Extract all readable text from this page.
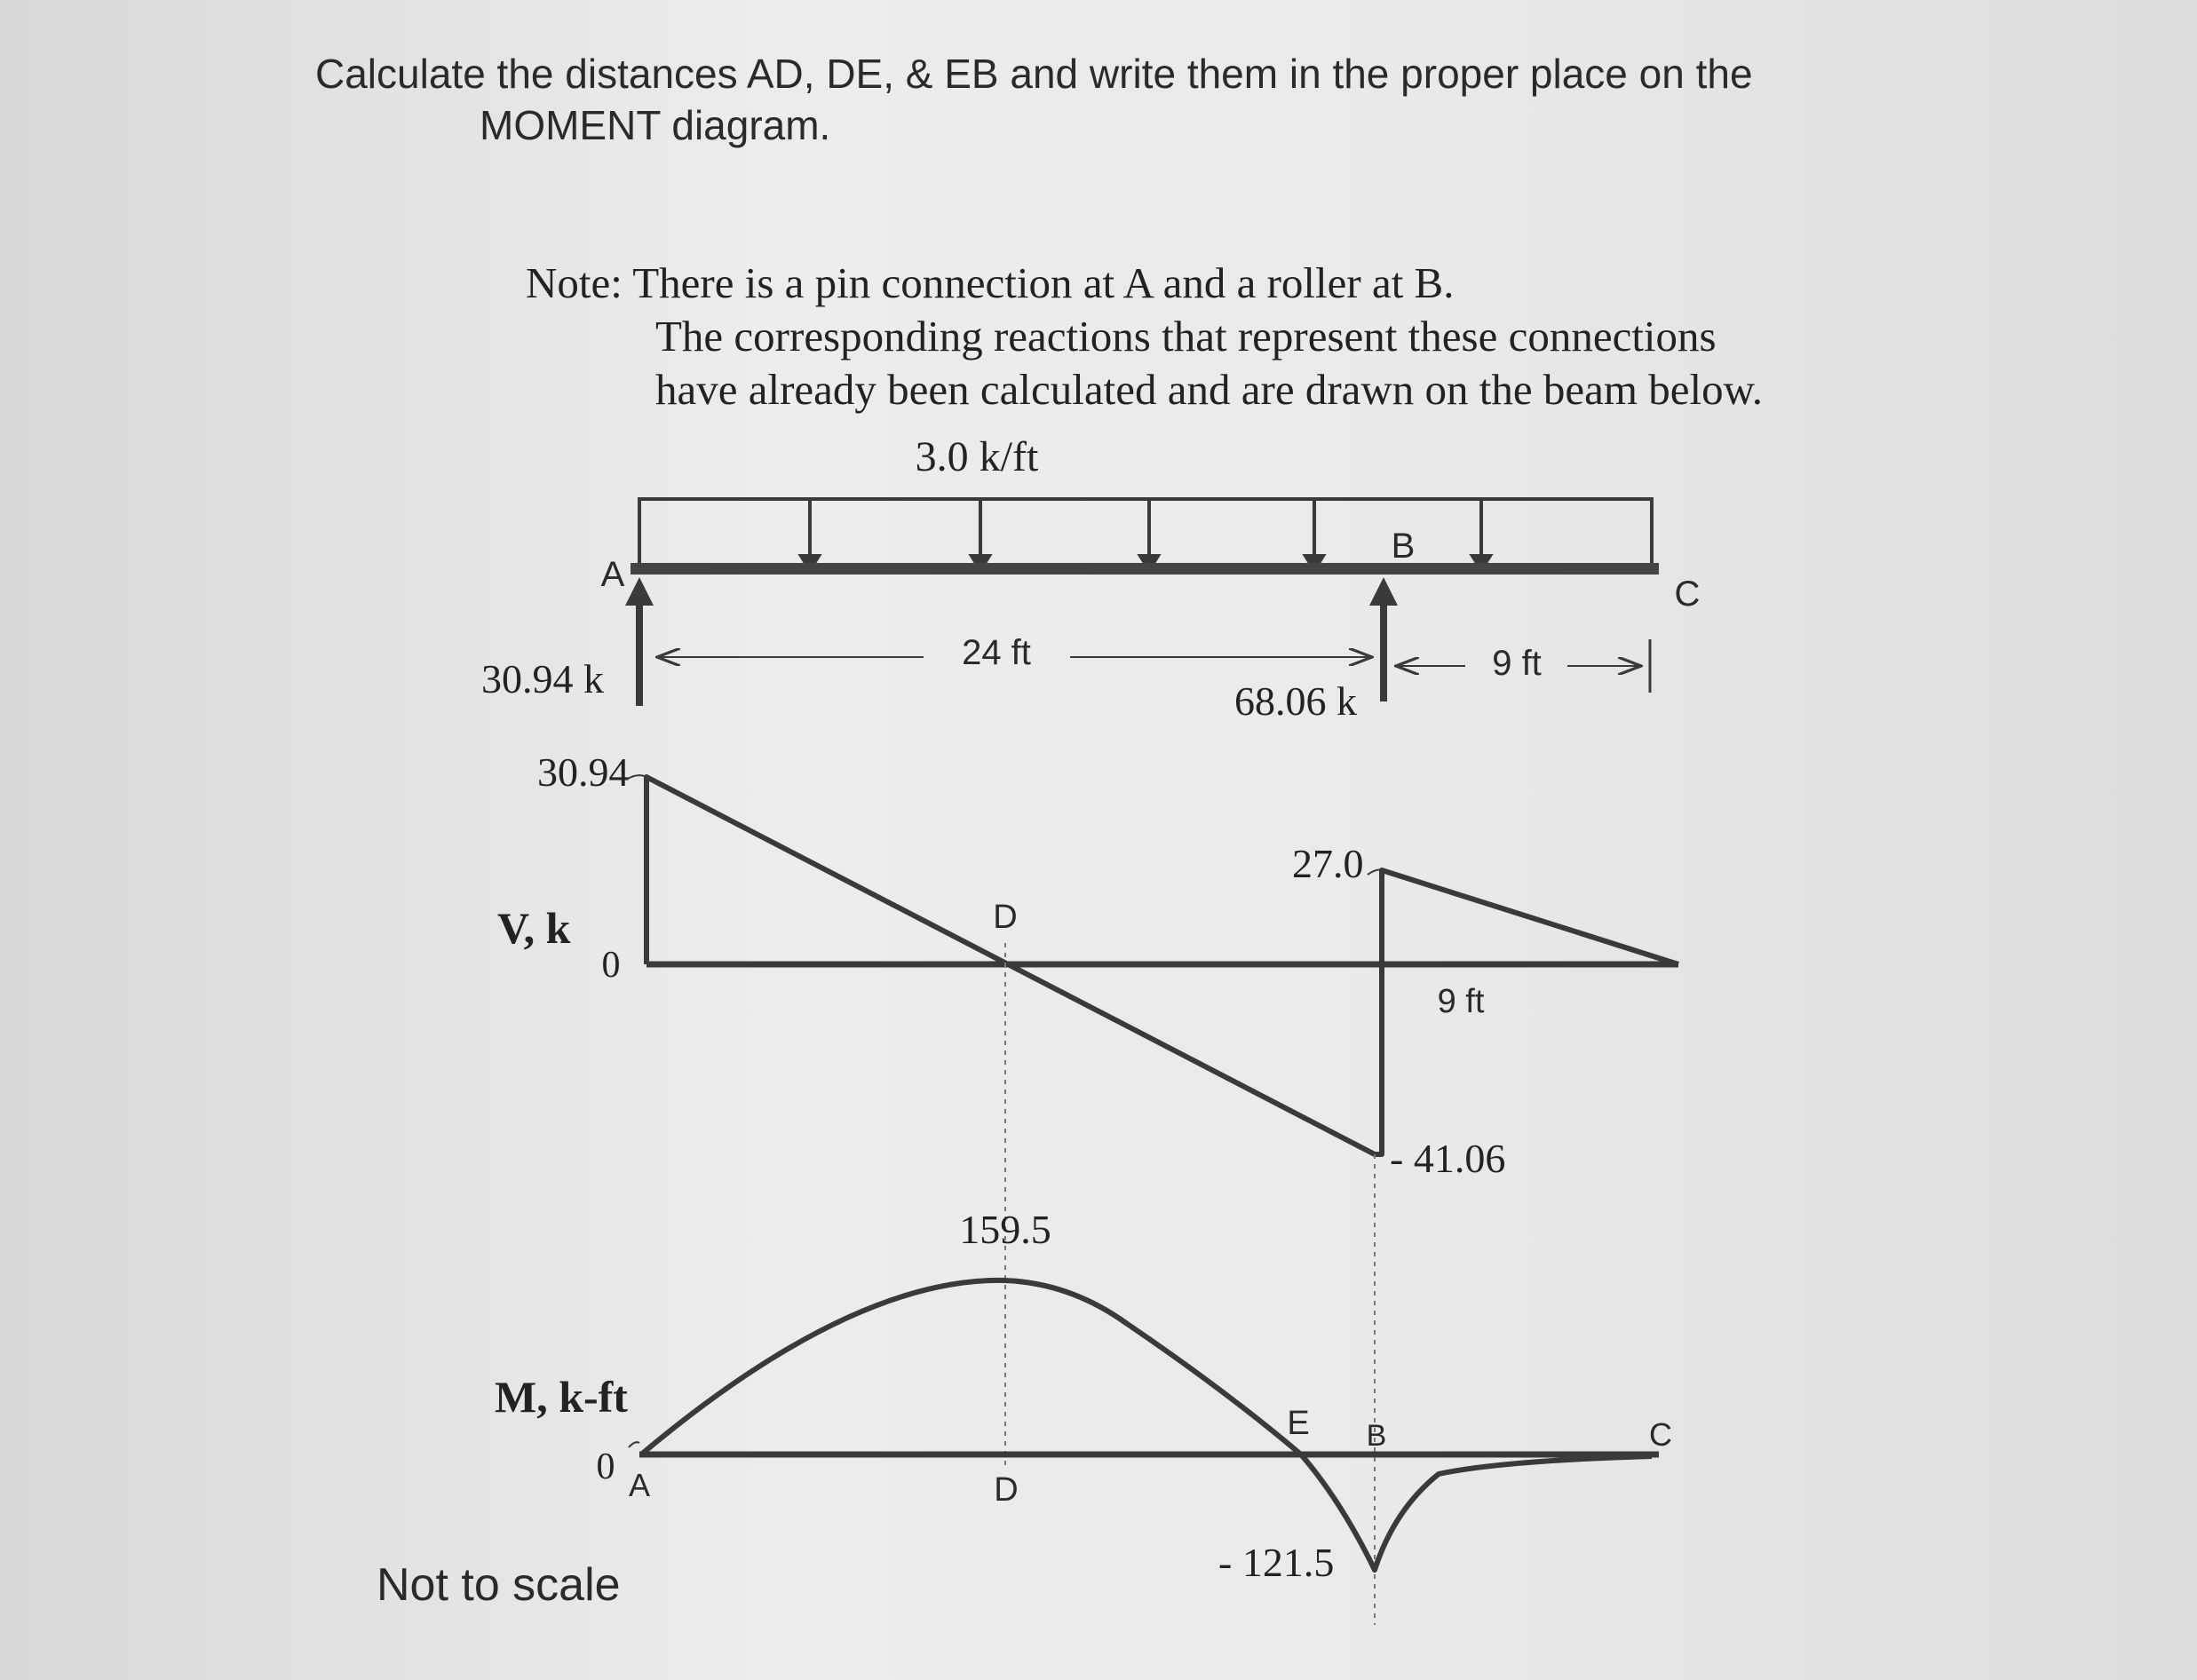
Calculate the distances AD, DE, & EB and write them in the proper place on the
MOMENT diagram.
Note: There is a pin connection at A and a roller at B.
The corresponding reactions that represent these connections
have already been calculated and are drawn on the beam below.
3.0 k/ft
A
B
C
30.94 k	68.06 k
24 ft	9 ft
V, k
0
30.94
27.0
- 41.06
D
9 ft
159.5
M, k-ft
0 A	D
E B	C
- 121.5
Not to scale
